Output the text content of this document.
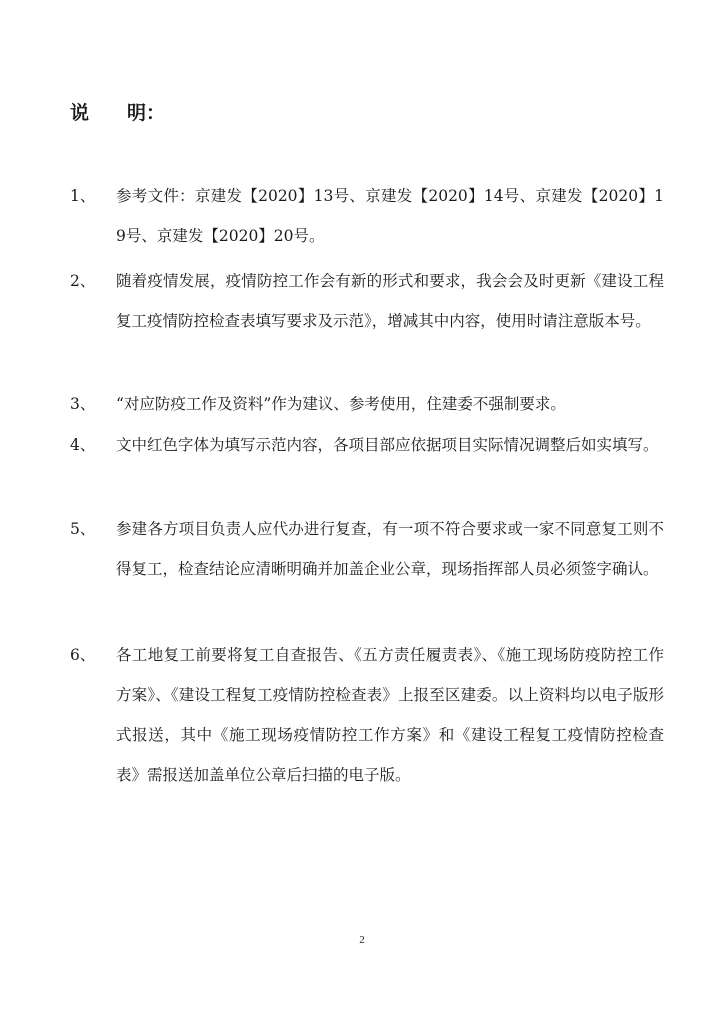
说　　明：
1、	参考文件：京建发【2020】13号、京建发【2020】14号、京建发【2020】19号、京建发【2020】20号。
2、	随着疫情发展，疫情防控工作会有新的形式和要求，我会会及时更新《建设工程复工疫情防控检查表填写要求及示范》，增减其中内容，使用时请注意版本号。
3、	“对应防疫工作及资料”作为建议、参考使用，住建委不强制要求。
4、	文中红色字体为填写示范内容，各项目部应依据项目实际情况调整后如实填写。
5、	参建各方项目负责人应代办进行复查，有一项不符合要求或一家不同意复工则不得复工，检查结论应清晰明确并加盖企业公章，现场指挥部人员必须签字确认。
6、	各工地复工前要将复工自查报告、《五方责任履责表》、《施工现场防疫防控工作方案》、《建设工程复工疫情防控检查表》上报至区建委。以上资料均以电子版形式报送，其中《施工现场疫情防控工作方案》和《建设工程复工疫情防控检查表》需报送加盖单位公章后扫描的电子版。
2
